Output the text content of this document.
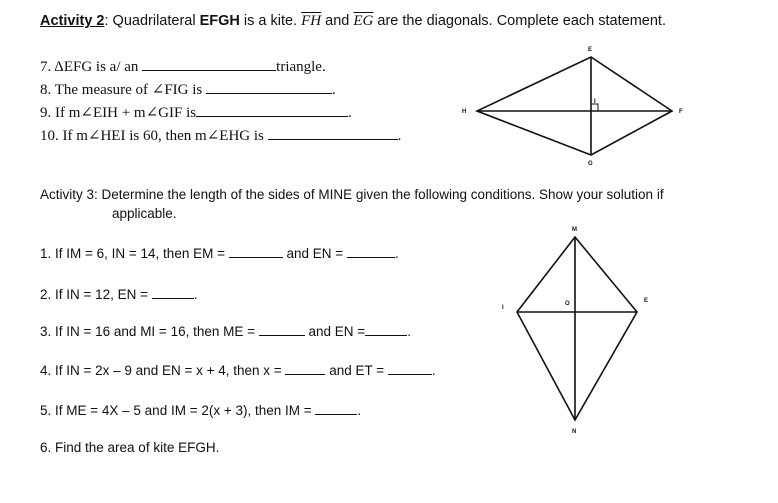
Activity 2: Quadrilateral EFGH is a kite. $\overline{FH}$ and $\overline{EG}$ are the diagonals. Complete each statement.
7. ΔEFG is a/ an	triangle.
8. The measure of ∠FIG is	.
9. If m∠EIH + m∠GIF is	.
10. If m∠HEI is 60, then m∠EHG is	.
E
F
G
H
I
Activity 3: Determine the length of the sides of MINE given the following conditions. Show your solution if
applicable.
1. If IM = 6, IN = 14, then EM =	and EN =	.
2. If IN = 12, EN =	.
3. If IN = 16 and MI = 16, then ME =	and EN =	.
4. If IN = 2x – 9 and EN = x + 4, then x =	and ET =	.
5. If ME = 4X – 5 and IM = 2(x + 3), then IM =	.
6. Find the area of kite EFGH.
M
I
E
N
O
